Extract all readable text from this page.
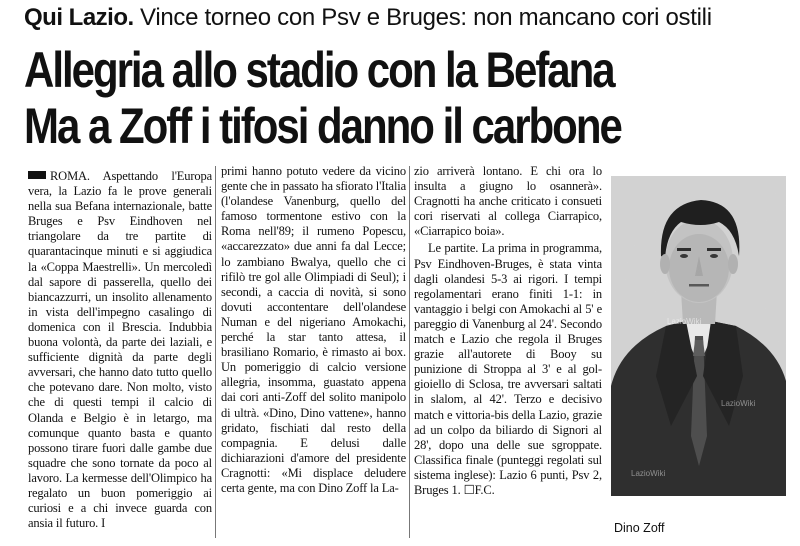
Qui Lazio. Vince torneo con Psv e Bruges: non mancano cori ostili
Allegria allo stadio con la Befana
Ma a Zoff i tifosi danno il carbone

ROMA. Aspettando l'Europa vera, la Lazio fa le prove generali nella sua Befana internazionale, batte Bruges e Psv Eindhoven nel triangolare da tre partite di quarantacinque minuti e si aggiudica la «Coppa Maestrelli». Un mercoledì dal sapore di passerella, quello dei biancazzurri, un insolito allenamento in vista dell'impegno casalingo di domenica con il Brescia. Indubbia buona volontà, da parte dei laziali, e sufficiente dignità da parte degli avversari, che hanno dato tutto quello che potevano dare. Non molto, visto che di questi tempi il calcio di Olanda e Belgio è in letargo, ma comunque quanto basta e quanto possono tirare fuori dalle gambe due squadre che sono tornate da poco al lavoro. La kermesse dell'Olimpico ha regalato un buon pomeriggio ai curiosi e a chi invece guarda con ansia il futuro. I

primi hanno potuto vedere da vicino gente che in passato ha sfiorato l'Italia (l'olandese Vanenburg, quello del famoso tormentone estivo con la Roma nell'89; il rumeno Popescu, «accarezzato» due anni fa dal Lecce; lo zambiano Bwalya, quello che ci rifilò tre gol alle Olimpiadi di Seul); i secondi, a caccia di novità, si sono dovuti accontentare dell'olandese Numan e del nigeriano Amokachi, perché la star tanto attesa, il brasiliano Romario, è rimasto ai box. Un pomeriggio di calcio versione allegria, insomma, guastato appena dai cori anti-Zoff del solito manipolo di ultrà. «Dino, Dino vattene», hanno gridato, fischiati dal resto della compagnia. E delusi dalle dichiarazioni d'amore del presidente Cragnotti: «Mi displace deludere certa gente, ma con Dino Zoff la La-

zio arriverà lontano. E chi ora lo insulta a giugno lo osannerà». Cragnotti ha anche criticato i consueti cori riservati al collega Ciarrapico, «Ciarrapico boia».

Le partite. La prima in programma, Psv Eindhoven-Bruges, è stata vinta dagli olandesi 5-3 ai rigori. I tempi regolamentari erano finiti 1-1: in vantaggio i belgi con Amokachi al 5' e pareggio di Vanenburg al 24'. Secondo match e Lazio che regola il Bruges grazie all'autorete di Booy su punizione di Stroppa al 3' e al gol-gioiello di Sclosa, tre avversari saltati in slalom, al 42'. Terzo e decisivo match e vittoria-bis della Lazio, grazie ad un colpo da biliardo di Signori al 28', dopo una delle sue sgroppate. Classifica finale (punteggi regolati sul sistema inglese): Lazio 6 punti, Psv 2, Bruges 1. ☐F.C.

LazioWiki
LazioWiki
LazioWiki
Dino Zoff
